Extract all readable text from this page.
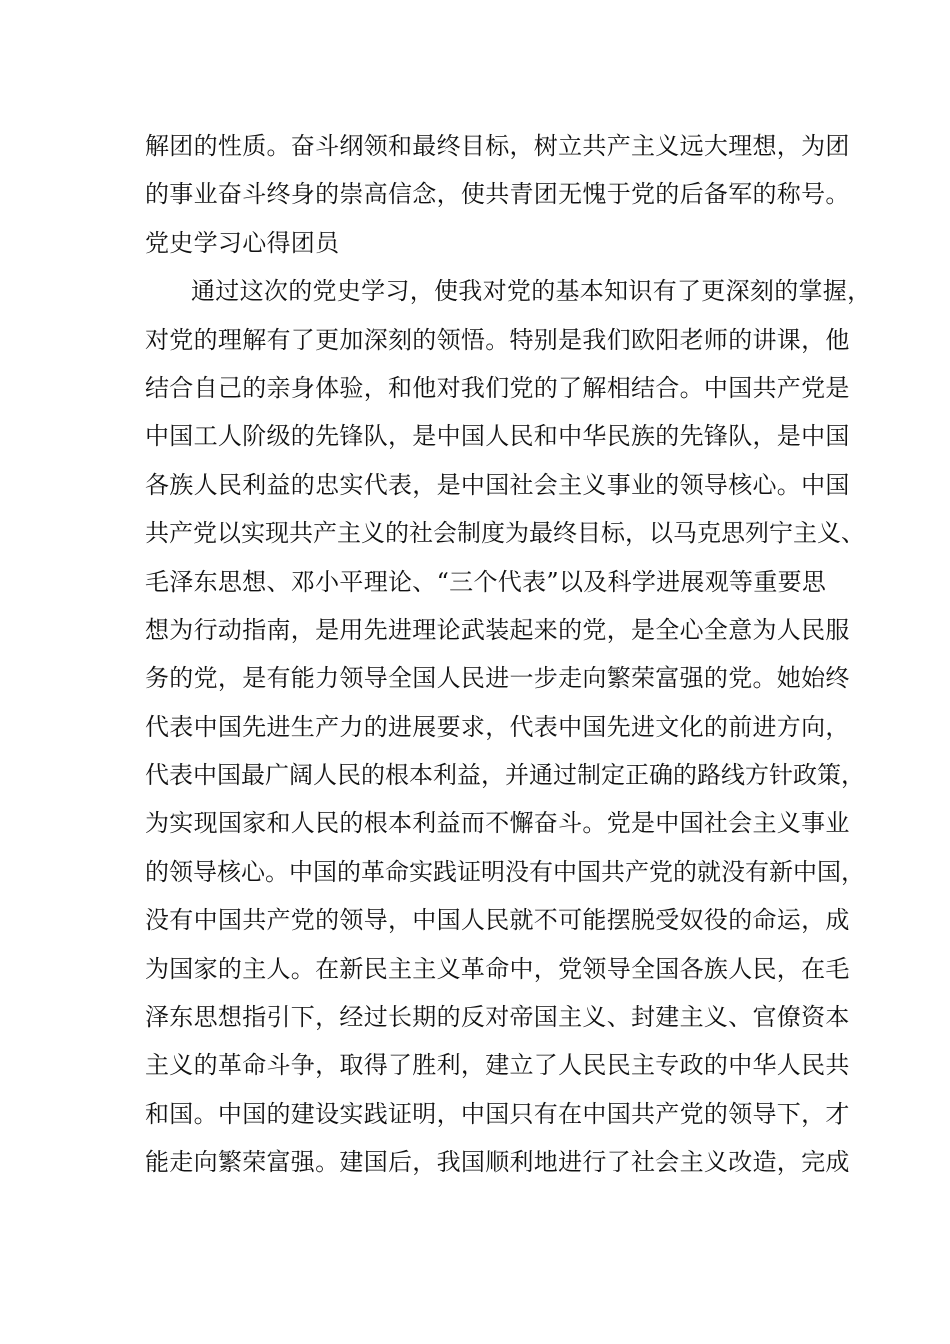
解团的性质。奋斗纲领和最终目标，树立共产主义远大理想，为团
的事业奋斗终身的崇高信念，使共青团无愧于党的后备军的称号。
党史学习心得团员
通过这次的党史学习，使我对党的基本知识有了更深刻的掌握，
对党的理解有了更加深刻的领悟。特别是我们欧阳老师的讲课，他
结合自己的亲身体验，和他对我们党的了解相结合。中国共产党是
中国工人阶级的先锋队，是中国人民和中华民族的先锋队，是中国
各族人民利益的忠实代表，是中国社会主义事业的领导核心。中国
共产党以实现共产主义的社会制度为最终目标，以马克思列宁主义、
毛泽东思想、邓小平理论、“三个代表”以及科学进展观等重要思
想为行动指南，是用先进理论武装起来的党，是全心全意为人民服
务的党，是有能力领导全国人民进一步走向繁荣富强的党。她始终
代表中国先进生产力的进展要求，代表中国先进文化的前进方向，
代表中国最广阔人民的根本利益，并通过制定正确的路线方针政策，
为实现国家和人民的根本利益而不懈奋斗。党是中国社会主义事业
的领导核心。中国的革命实践证明没有中国共产党的就没有新中国，
没有中国共产党的领导，中国人民就不可能摆脱受奴役的命运，成
为国家的主人。在新民主主义革命中，党领导全国各族人民，在毛
泽东思想指引下，经过长期的反对帝国主义、封建主义、官僚资本
主义的革命斗争，取得了胜利，建立了人民民主专政的中华人民共
和国。中国的建设实践证明，中国只有在中国共产党的领导下，才
能走向繁荣富强。建国后，我国顺利地进行了社会主义改造，完成
